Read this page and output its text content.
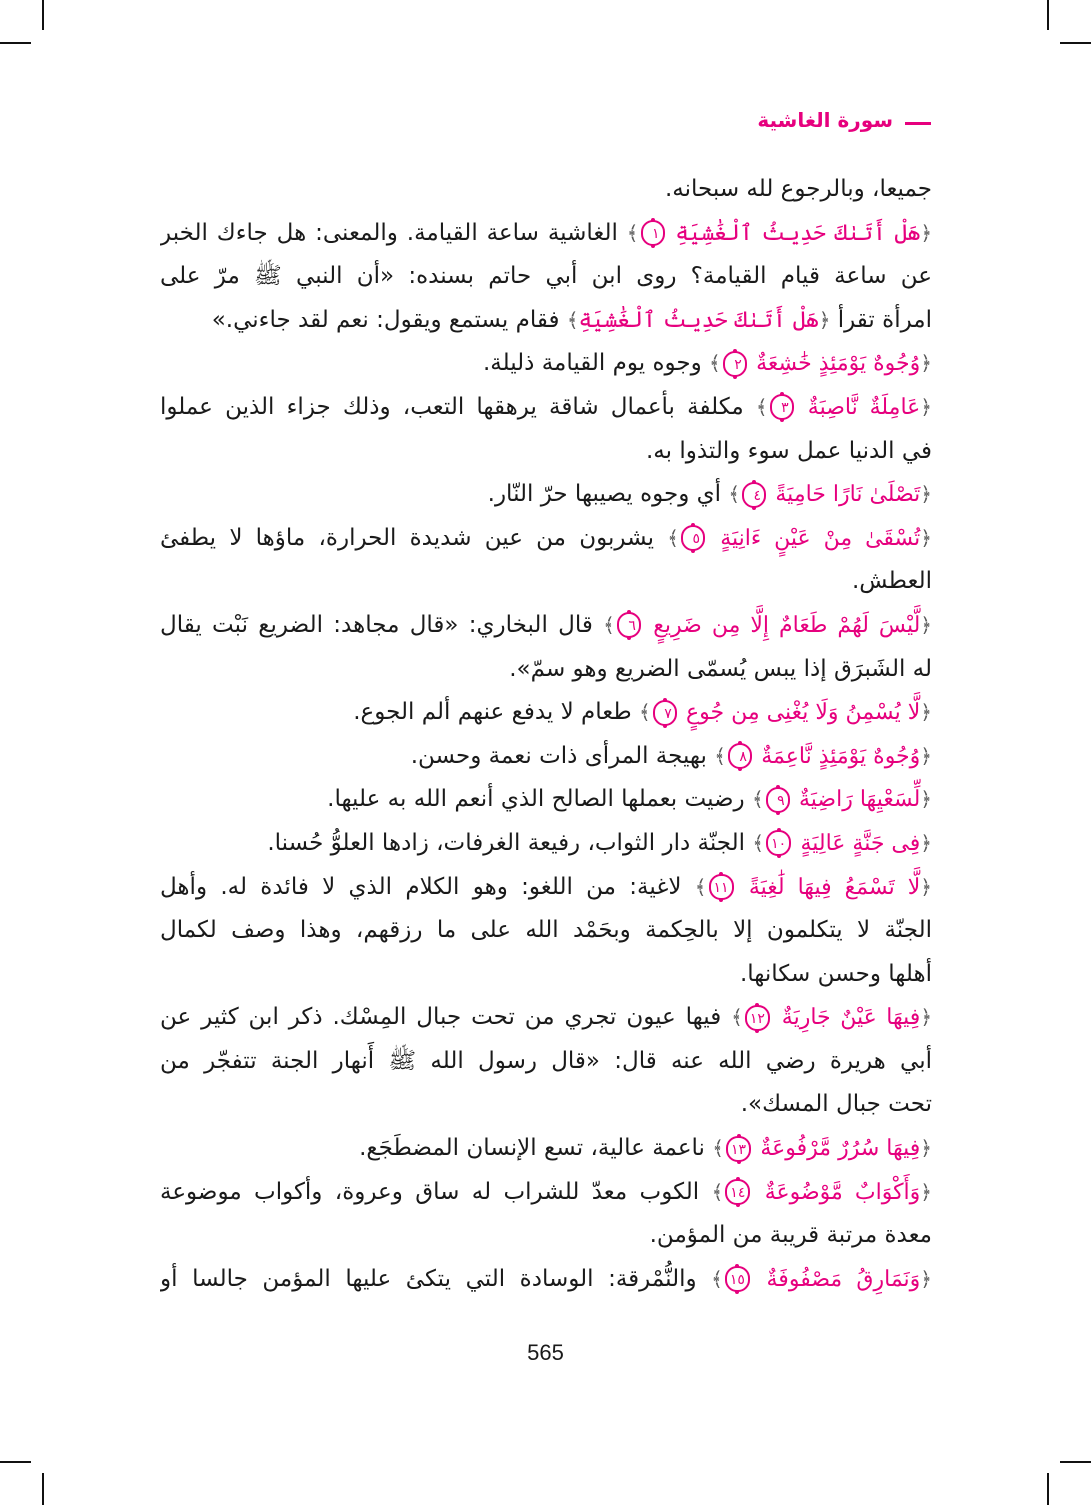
سورة الغاشية
جميعا، وبالرجوع لله سبحانه.
﴿هَلْ أَتَىٰكَ حَدِيثُ ٱلْغَٰشِيَةِ ١﴾ الغاشية ساعة القيامة. والمعنى: هل جاءك الخبر
عن ساعة قيام القيامة؟ روى ابن أبي حاتم بسنده: «أن النبي ﷺ مرّ على
امرأة تقرأ ﴿هَلْ أَتَىٰكَ حَدِيثُ ٱلْغَٰشِيَةِ﴾ فقام يستمع ويقول: نعم لقد جاءني.»
﴿وُجُوهٌ يَوْمَئِذٍ خَٰشِعَةٌ ٢﴾ وجوه يوم القيامة ذليلة.
﴿عَامِلَةٌ نَّاصِبَةٌ ٣﴾ مكلفة بأعمال شاقة يرهقها التعب، وذلك جزاء الذين عملوا
في الدنيا عمل سوء والتذوا به.
﴿تَصْلَىٰ نَارًا حَامِيَةً ٤﴾ أي وجوه يصيبها حرّ النّار.
﴿تُسْقَىٰ مِنْ عَيْنٍ ءَانِيَةٍ ٥﴾ يشربون من عين شديدة الحرارة، ماؤها لا يطفئ
العطش.
﴿لَّيْسَ لَهُمْ طَعَامٌ إِلَّا مِن ضَرِيعٍ ٦﴾ قال البخاري: «قال مجاهد: الضريع نَبْت يقال
له الشَبرَق إذا يبس يُسمّى الضريع وهو سمّ».
﴿لَّا يُسْمِنُ وَلَا يُغْنِى مِن جُوعٍ ٧﴾ طعام لا يدفع عنهم ألم الجوع.
﴿وُجُوهٌ يَوْمَئِذٍ نَّاعِمَةٌ ٨﴾ بهيجة المرأى ذات نعمة وحسن.
﴿لِّسَعْيِهَا رَاضِيَةٌ ٩﴾ رضيت بعملها الصالح الذي أنعم الله به عليها.
﴿فِى جَنَّةٍ عَالِيَةٍ ١٠﴾ الجنّة دار الثواب، رفيعة الغرفات، زادها العلوُّ حُسنا.
﴿لَّا تَسْمَعُ فِيهَا لَٰغِيَةً ١١﴾ لاغية: من اللغو: وهو الكلام الذي لا فائدة له. وأهل
الجنّة لا يتكلمون إلا بالحِكمة وبحَمْد الله على ما رزقهم، وهذا وصف لكمال
أهلها وحسن سكانها.
﴿فِيهَا عَيْنٌ جَارِيَةٌ ١٢﴾ فيها عيون تجري من تحت جبال المِسْك. ذكر ابن كثير عن
أبي هريرة رضي الله عنه قال: «قال رسول الله ﷺ أَنهار الجنة تتفجّر من
تحت جبال المسك».
﴿فِيهَا سُرُرٌ مَّرْفُوعَةٌ ١٣﴾ ناعمة عالية، تسع الإنسان المضطَجَع.
﴿وَأَكْوَابٌ مَّوْضُوعَةٌ ١٤﴾ الكوب معدّ للشراب له ساق وعروة، وأكواب موضوعة
معدة مرتبة قريبة من المؤمن.
﴿وَنَمَارِقُ مَصْفُوفَةٌ ١٥﴾ والنُّمْرقة: الوسادة التي يتكئ عليها المؤمن جالسا أو
565
